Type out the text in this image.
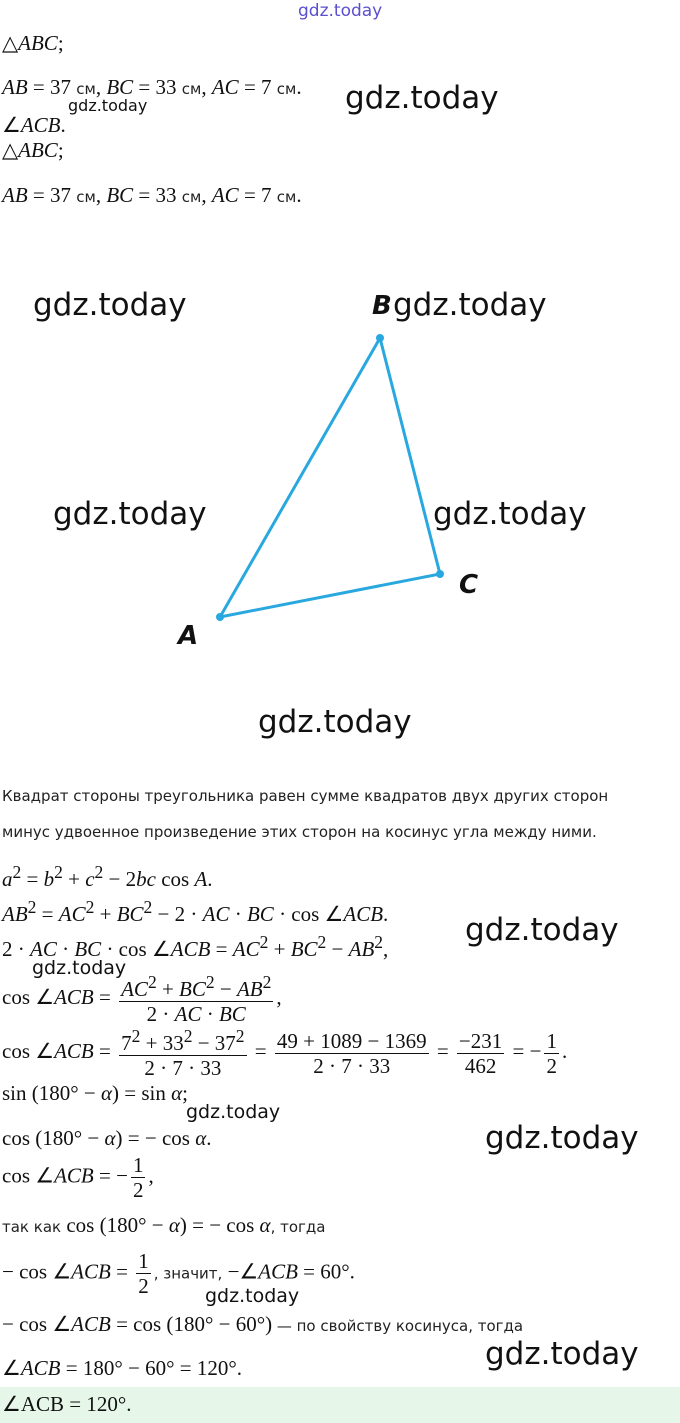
gdz.today
△ABC;
AB = 37 см, BC = 33 см, AC = 7 см. gdz.today
gdz.today
∠ACB.
△ABC;
AB = 37 см, BC = 33 см, AC = 7 см.
A
B
C
gdz.today	gdz.today
gdz.today	gdz.today
gdz.today
Квадрат стороны треугольника равен сумме квадратов двух других сторон
минус удвоенное произведение этих сторон на косинус угла между ними.
$a^2 = b^2 + c^2 - 2bc$ cos A.
$AB^2 = AC^2 + BC^2 - 2$ · AC · BC · cos ∠ACB. gdz.today
2 · AC · BC · cos ∠ACB = $AC^2 + BC^2 - AB^2$,
gdz.today
cos ∠ACB = $\frac{AC^2 + BC^2 - AB^2}{2 \cdot AC \cdot BC}$ ,
cos ∠ACB = $\frac{7^2 + 33^2 - 37^2}{2 \cdot 7 \cdot 33} = \frac{49 + 1089 - 1369}{2 \cdot 7 \cdot 33} = \frac{-231}{462}$ = − $\frac{1}{2}$ .
sin (180° − α) = sin α;
gdz.today
cos (180° − α) = − cos α.	gdz.today
cos ∠ACB = − $\frac{1}{2}$ ,
так как cos (180° − α) = − cos α, тогда
− cos ∠ACB = $\frac{1}{2}$ , значит, −∠ACB = 60°.
gdz.today
− cos ∠ACB = cos (180° − 60°) — по свойству косинуса, тогда
gdz.today
∠ACB = 180° − 60° = 120°.
∠ACB = 120°.
